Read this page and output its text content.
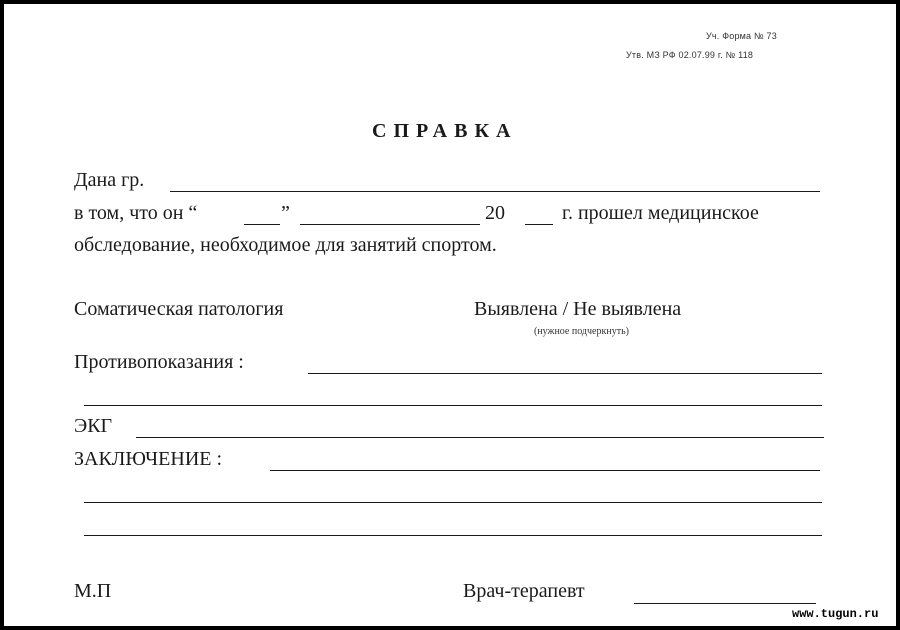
Уч. Форма № 73
Утв. МЗ РФ 02.07.99 г. № 118
СПРАВКА
Дана гр.
в том, что он “	”	20	г. прошел медицинское
обследование, необходимое для занятий спортом.
Соматическая патология	Выявлена / Не выявлена
(нужное подчеркнуть)
Противопоказания :
ЭКГ
ЗАКЛЮЧЕНИЕ :
М.П	Врач-терапевт
www.tugun.ru
